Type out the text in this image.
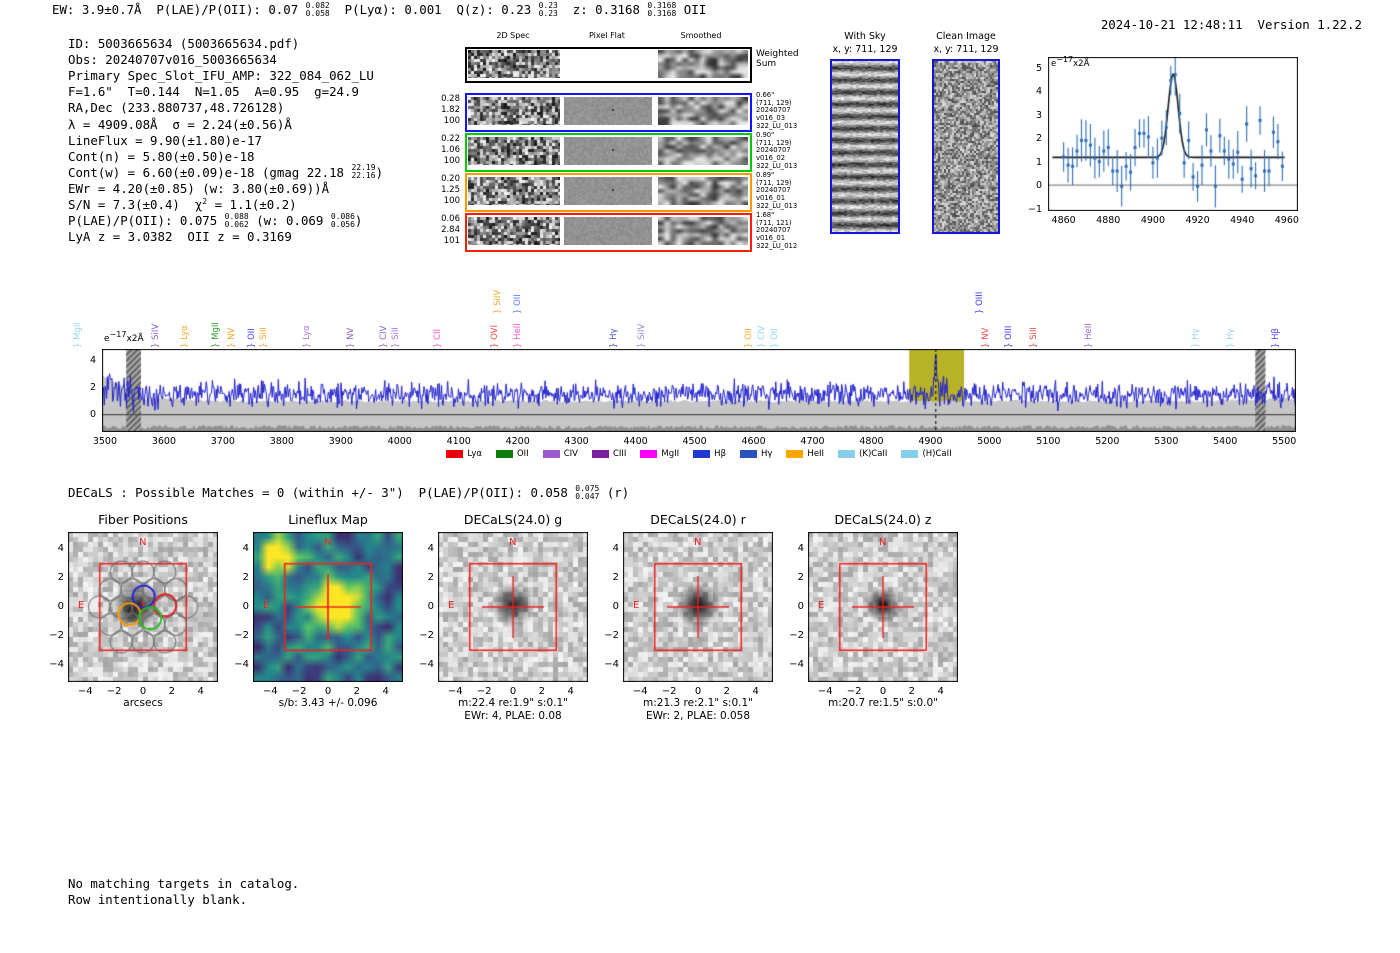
EW: 3.9±0.7Å  P(LAE)/P(OII): 0.07 0.082
0.058 P(Lyα): 0.001  Q(z): 0.23 0.23
0.23 z: 0.3168 0.3168
0.3168 OII

2024-10-21 12:48:11 Version 1.22.2

2D Spec	Pixel Flat	Smoothed	With Sky
x, y: 711, 129
Clean Image
x, y: 711, 129
DECaLS : Possible Matches = 0 (within +/- 3")  P(LAE)/P(OII): 0.058 0.075
0.047 (r)
Fiber Positions	Lineflux Map	DECaLS(24.0) g	DECaLS(24.0) r	DECaLS(24.0) z
arcsecs	s/b: 3.43 +/- 0.096	m:22.4 re:1.9" s:0.1"	m:21.3 re:2.1" s:0.1"	m:20.7 re:1.5" s:0.0"
EWr: 4, PLAE: 0.08	EWr: 2, PLAE: 0.058
No matching targets in catalog.
Row intentionally blank.
ID: 5003665634 (5003665634.pdf)
Obs: 20240707v016_5003665634
Primary Spec_Slot_IFU_AMP: 322_084_062_LU
F=1.6"  T=0.144  N=1.05  A=0.95  g=24.9
RA,Dec (233.880737,48.726128)
λ = 4909.08Å  σ = 2.24(±0.56)Å
LineFlux = 9.90(±1.80)e-17
Cont(n) = 5.80(±0.50)e-18
Cont(w) = 6.60(±0.09)e-18 (gmag 22.18 22.19
22.16 )
EWr = 4.20(±0.85) (w: 3.80(±0.69))Å
S/N = 7.3(±0.4)  $\chi^2 = 1.1(\pm 0.2)$
P(LAE)/P(OII): 0.075 0.088
0.062 (w: 0.069 0.086
0.056 )
LyA z = 3.0382  OII z = 0.3169
Weighted
Sum
0.28
1.82
100
0.66"
(711, 129)
20240707
v016_03
322_LU_013
0.22
1.06
100
0.90"
(711, 129)
20240707
v016_02
322_LU_013
0.20
1.25
100
0.89"
(711, 129)
20240707
v016_01
322_LU_013
0.06
2.84
101
1.68"
(711, 121)
20240707
v016_01
322_LU_012
−1
0
1
2
3
4
5
4860	4880	4900	4920	4940	4960
e−17x2Å
0
2
4
3500	3600	3700	3800	3900	4000	4100	4200	4300	4400	4500	4600	4700	4800	4900	5000	5100	5200	5300	5400	5500
e−17x2Å
} MgII	} SiIV } Lyα } MgII } NV } OII } SiII	} Lyα	} NV	} CIV } SiII	} CII	} OVI
} SiIV } OII
} HeII	} Hγ } SiIV	} OII } CIV } OII
} OIII
} NV } OIII } SiII	} HeII	} Hγ	} Hγ	} Hβ
Lyα	OII	CIV	CIII	MgII	Hβ	Hγ	HeII	(K)CaII	(H)CaII
−4
−4
−2
−2
0
0
2
2
4
4
N
E
−4
−4
−2
−2
0
0
2
2
4
4
N
E
−4
−4
−2
−2
0
0
2
2
4
4
N
E
−4
−4
−2
−2
0
0
2
2
4
4
N
E
−4
−4
−2
−2
0
0
2
2
4
4
N
E
